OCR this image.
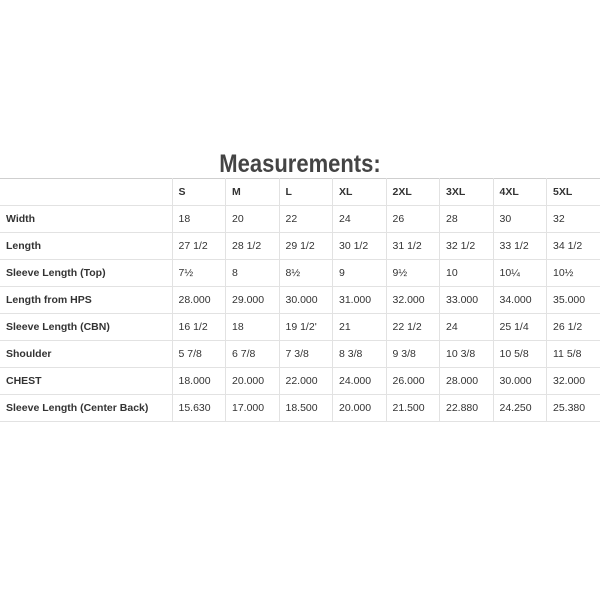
Measurements:
	S	M	L	XL	2XL	3XL	4XL	5XL
Width	18	20	22	24	26	28	30	32
Length	27 1/2	28 1/2	29 1/2	30 1/2	31 1/2	32 1/2	33 1/2	34 1/2
Sleeve Length (Top)	7½	8	8½	9	9½	10	10¼	10½
Length from HPS	28.000	29.000	30.000	31.000	32.000	33.000	34.000	35.000
Sleeve Length (CBN)	16 1/2	18	19 1/2'	21	22 1/2	24	25 1/4	26 1/2
Shoulder	5 7/8	6 7/8	7 3/8	8 3/8	9 3/8	10 3/8	10 5/8	11 5/8
CHEST	18.000	20.000	22.000	24.000	26.000	28.000	30.000	32.000
Sleeve Length (Center Back)	15.630	17.000	18.500	20.000	21.500	22.880	24.250	25.380
